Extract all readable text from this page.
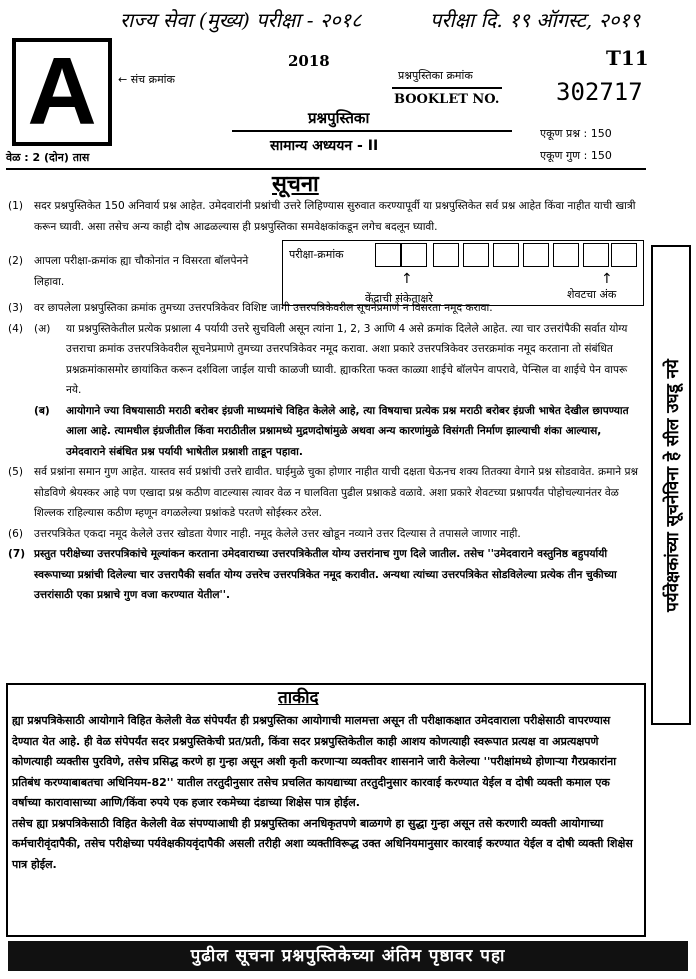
राज्य सेवा (मुख्य) परीक्षा - २०१८	परीक्षा दि. १९ ऑगस्ट, २०१९
A	← संच क्रमांक
2018	T11
प्रश्नपुस्तिका क्रमांक
BOOKLET NO. 302717
प्रश्नपुस्तिका
सामान्य अध्ययन - II
एकूण प्रश्न : 150
एकूण गुण : 150
वेळ : 2 (दोन) तास
सूचना
(1) सदर प्रश्नपुस्तिकेत 150 अनिवार्य प्रश्न आहेत. उमेदवारांनी प्रश्नांची उत्तरे लिहिण्यास सुरुवात करण्यापूर्वी या प्रश्नपुस्तिकेत सर्व प्रश्न आहेत किंवा नाहीत याची खात्री करून घ्यावी. असा तसेच अन्य काही दोष आढळल्यास ही प्रश्नपुस्तिका समवेक्षकांकडून लगेच बदलून घ्यावी.
(2) आपला परीक्षा-क्रमांक ह्या चौकोनांत न विसरता बॉलपेनने लिहावा.
(3) वर छापलेला प्रश्नपुस्तिका क्रमांक तुमच्या उत्तरपत्रिकेवर विशिष्ट जागी उत्तरपत्रिकेवरील सूचनेप्रमाणे न विसरता नमूद करावा.
(4) (अ) या प्रश्नपुस्तिकेतील प्रत्येक प्रश्नाला 4 पर्यायी उत्तरे सुचविली असून त्यांना 1, 2, 3 आणि 4 असे क्रमांक दिलेले आहेत. त्या चार उत्तरांपैकी सर्वात योग्य उत्तराचा क्रमांक उत्तरपत्रिकेवरील सूचनेप्रमाणे तुमच्या उत्तरपत्रिकेवर नमूद करावा. अशा प्रकारे उत्तरपत्रिकेवर उत्तरक्रमांक नमूद करताना तो संबंधित प्रश्नक्रमांकासमोर छायांकित करून दर्शविला जाईल याची काळजी घ्यावी. ह्याकरिता फक्त काळ्या शाईचे बॉलपेन वापरावे, पेन्सिल वा शाईचे पेन वापरू नये.
(ब) आयोगाने ज्या विषयासाठी मराठी बरोबर इंग्रजी माध्यमांचे विहित केलेले आहे, त्या विषयाचा प्रत्येक प्रश्न मराठी बरोबर इंग्रजी भाषेत देखील छापण्यात आला आहे. त्यामधील इंग्रजीतील किंवा मराठीतील प्रश्नामध्ये मुद्रणदोषांमुळे अथवा अन्य कारणांमुळे विसंगती निर्माण झाल्याची शंका आल्यास, उमेदवाराने संबंधित प्रश्न पर्यायी भाषेतील प्रश्नाशी ताडून पहावा.
(5) सर्व प्रश्नांना समान गुण आहेत. यास्तव सर्व प्रश्नांची उत्तरे द्यावीत. घाईमुळे चुका होणार नाहीत याची दक्षता घेऊनच शक्य तितक्या वेगाने प्रश्न सोडवावेत. क्रमाने प्रश्न सोडविणे श्रेयस्कर आहे पण एखादा प्रश्न कठीण वाटल्यास त्यावर वेळ न घालविता पुढील प्रश्नाकडे वळावे. अशा प्रकारे शेवटच्या प्रश्नापर्यंत पोहोचल्यानंतर वेळ शिल्लक राहिल्यास कठीण म्हणून वगळलेल्या प्रश्नांकडे परतणे सोईस्कर ठरेल.
(6) उत्तरपत्रिकेत एकदा नमूद केलेले उत्तर खोडता येणार नाही. नमूद केलेले उत्तर खोडून नव्याने उत्तर दिल्यास ते तपासले जाणार नाही.
(7) प्रस्तुत परीक्षेच्या उत्तरपत्रिकांचे मूल्यांकन करताना उमेदवाराच्या उत्तरपत्रिकेतील योग्य उत्तरांनाच गुण दिले जातील. तसेच ''उमेदवाराने वस्तुनिष्ठ बहुपर्यायी स्वरूपाच्या प्रश्नांची दिलेल्या चार उत्तरापैकी सर्वात योग्य उत्तरेच उत्तरपत्रिकेत नमूद करावीत. अन्यथा त्यांच्या उत्तरपत्रिकेत सोडविलेल्या प्रत्येक तीन चुकीच्या उत्तरांसाठी एका प्रश्नाचे गुण वजा करण्यात येतील''.
परीक्षा-क्रमांक
↑	↑
केंद्राची संकेताक्षरे	शेवटचा अंक
पर्यवेक्षकांच्या सूचनेविना हे सील उघडू नये
ताकीद
ह्या प्रश्नपत्रिकेसाठी आयोगाने विहित केलेली वेळ संपेपर्यंत ही प्रश्नपुस्तिका आयोगाची मालमत्ता असून ती परीक्षाकक्षात उमेदवाराला परीक्षेसाठी वापरण्यास देण्यात येत आहे. ही वेळ संपेपर्यंत सदर प्रश्नपुस्तिकेची प्रत/प्रती, किंवा सदर प्रश्नपुस्तिकेतील काही आशय कोणत्याही स्वरूपात प्रत्यक्ष वा अप्रत्यक्षपणे कोणत्याही व्यक्तीस पुरविणे, तसेच प्रसिद्ध करणे हा गुन्हा असून अशी कृती करणाऱ्या व्यक्तीवर शासनाने जारी केलेल्या ''परीक्षांमध्ये होणाऱ्या गैरप्रकारांना प्रतिबंध करण्याबाबतचा अधिनियम-82'' यातील तरतुदीनुसार तसेच प्रचलित कायद्याच्या तरतुदीनुसार कारवाई करण्यात येईल व दोषी व्यक्ती कमाल एक वर्षाच्या कारावासाच्या आणि/किंवा रुपये एक हजार रकमेच्या दंडाच्या शिक्षेस पात्र होईल.
तसेच ह्या प्रश्नपत्रिकेसाठी विहित केलेली वेळ संपण्याआधी ही प्रश्नपुस्तिका अनधिकृतपणे बाळगणे हा सुद्धा गुन्हा असून तसे करणारी व्यक्ती आयोगाच्या कर्मचारीवृंदापैकी, तसेच परीक्षेच्या पर्यवेक्षकीयवृंदापैकी असली तरीही अशा व्यक्तीविरूद्ध उक्त अधिनियमानुसार कारवाई करण्यात येईल व दोषी व्यक्ती शिक्षेस पात्र होईल.
पुढील सूचना प्रश्नपुस्तिकेच्या अंतिम पृष्ठावर पहा
